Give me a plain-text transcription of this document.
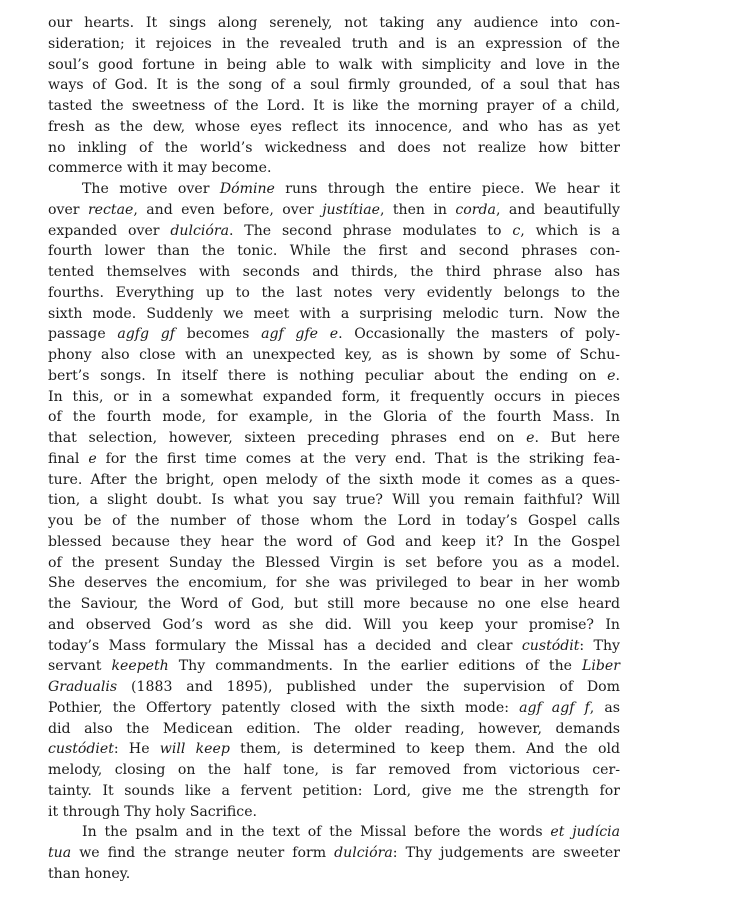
our hearts. It sings along serenely, not taking any audience into con-
sideration; it rejoices in the revealed truth and is an expression of the
soul’s good fortune in being able to walk with simplicity and love in the
ways of God. It is the song of a soul firmly grounded, of a soul that has
tasted the sweetness of the Lord. It is like the morning prayer of a child,
fresh as the dew, whose eyes reflect its innocence, and who has as yet
no inkling of the world’s wickedness and does not realize how bitter
commerce with it may become.
The motive over Dómine runs through the entire piece. We hear it
over rectae, and even before, over justítiae, then in corda, and beautifully
expanded over dulcióra. The second phrase modulates to c, which is a
fourth lower than the tonic. While the first and second phrases con-
tented themselves with seconds and thirds, the third phrase also has
fourths. Everything up to the last notes very evidently belongs to the
sixth mode. Suddenly we meet with a surprising melodic turn. Now the
passage agfg gf becomes agf gfe e. Occasionally the masters of poly-
phony also close with an unexpected key, as is shown by some of Schu-
bert’s songs. In itself there is nothing peculiar about the ending on e.
In this, or in a somewhat expanded form, it frequently occurs in pieces
of the fourth mode, for example, in the Gloria of the fourth Mass. In
that selection, however, sixteen preceding phrases end on e. But here
final e for the first time comes at the very end. That is the striking fea-
ture. After the bright, open melody of the sixth mode it comes as a ques-
tion, a slight doubt. Is what you say true? Will you remain faithful? Will
you be of the number of those whom the Lord in today’s Gospel calls
blessed because they hear the word of God and keep it? In the Gospel
of the present Sunday the Blessed Virgin is set before you as a model.
She deserves the encomium, for she was privileged to bear in her womb
the Saviour, the Word of God, but still more because no one else heard
and observed God’s word as she did. Will you keep your promise? In
today’s Mass formulary the Missal has a decided and clear custódit: Thy
servant keepeth Thy commandments. In the earlier editions of the Liber
Gradualis (1883 and 1895), published under the supervision of Dom
Pothier, the Offertory patently closed with the sixth mode: agf agf f, as
did also the Medicean edition. The older reading, however, demands
custódiet: He will keep them, is determined to keep them. And the old
melody, closing on the half tone, is far removed from victorious cer-
tainty. It sounds like a fervent petition: Lord, give me the strength for
it through Thy holy Sacrifice.
In the psalm and in the text of the Missal before the words et judícia
tua we find the strange neuter form dulcióra: Thy judgements are sweeter
than honey.
